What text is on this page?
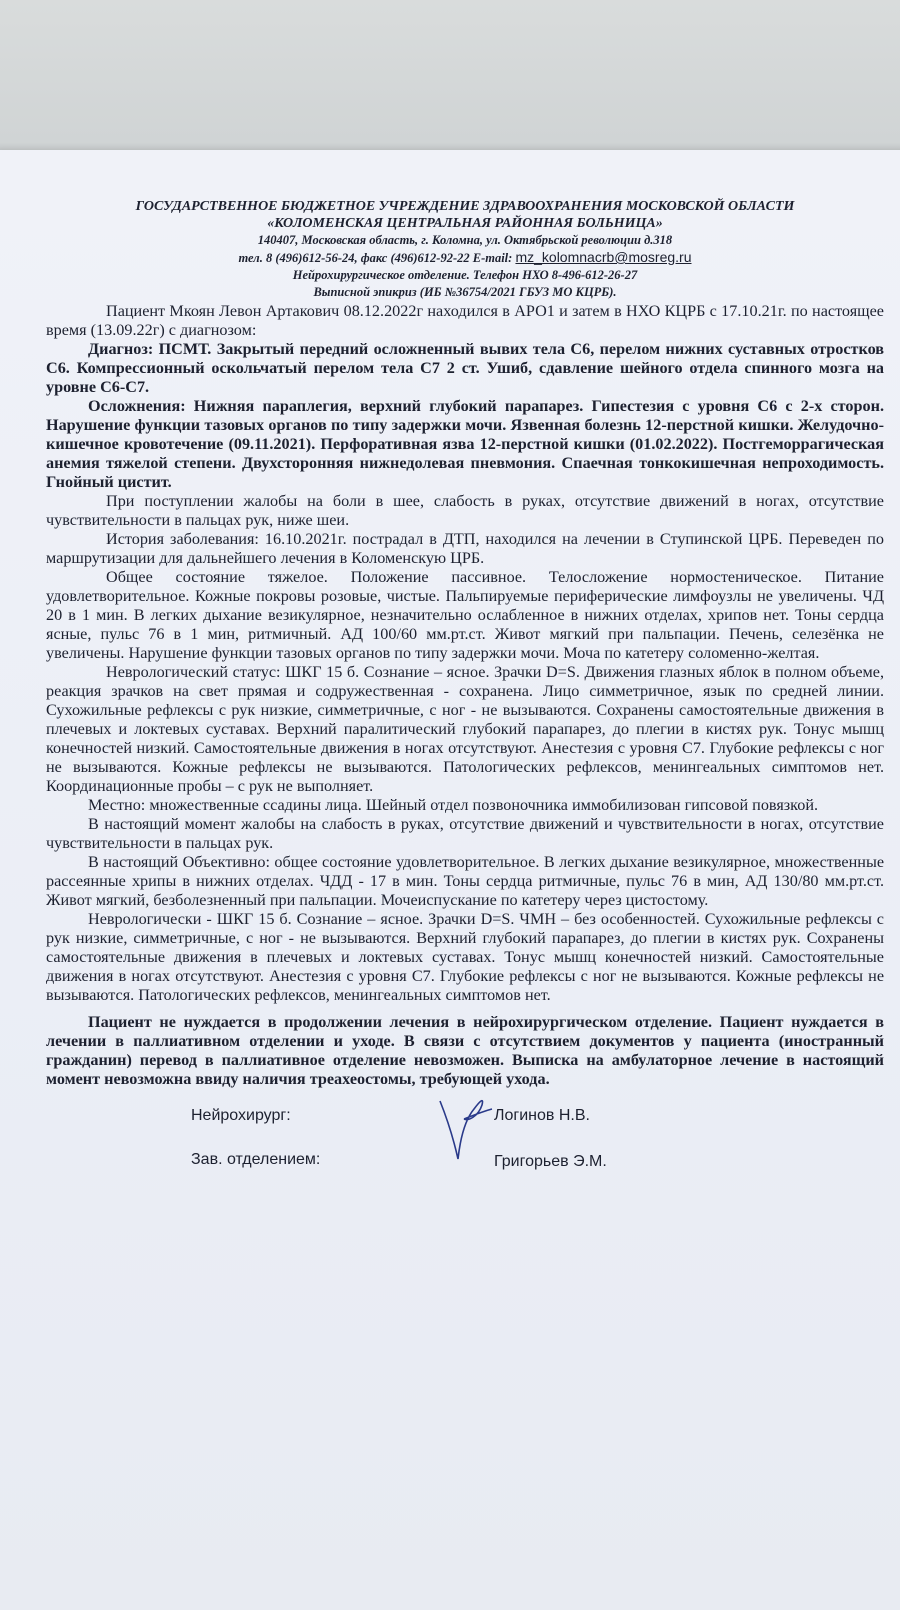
ГОСУДАРСТВЕННОЕ БЮДЖЕТНОЕ УЧРЕЖДЕНИЕ ЗДРАВООХРАНЕНИЯ МОСКОВСКОЙ ОБЛАСТИ
«КОЛОМЕНСКАЯ ЦЕНТРАЛЬНАЯ РАЙОННАЯ БОЛЬНИЦА»
140407, Московская область, г. Коломна, ул. Октябрьской революции д.318
тел. 8 (496)612-56-24, факс (496)612-92-22 E-mail: mz_kolomnacrb@mosreg.ru
Нейрохирургическое отделение. Телефон НХО 8-496-612-26-27
Выписной эпикриз (ИБ №36754/2021 ГБУЗ МО КЦРБ).

Пациент Мкоян Левон Артакович 08.12.2022г находился в АРО1 и затем в НХО КЦРБ с 17.10.21г. по настоящее время (13.09.22г) с диагнозом:

Диагноз: ПСМТ. Закрытый передний осложненный вывих тела С6, перелом нижних суставных отростков С6. Компрессионный оскольчатый перелом тела С7 2 ст. Ушиб, сдавление шейного отдела спинного мозга на уровне С6-С7.

Осложнения: Нижняя параплегия, верхний глубокий парапарез. Гипестезия с уровня С6 с 2-х сторон. Нарушение функции тазовых органов по типу задержки мочи. Язвенная болезнь 12-перстной кишки. Желудочно-кишечное кровотечение (09.11.2021). Перфоративная язва 12-перстной кишки (01.02.2022). Постгеморрагическая анемия тяжелой степени. Двухсторонняя нижнедолевая пневмония. Спаечная тонкокишечная непроходимость. Гнойный цистит.

При поступлении жалобы на боли в шее, слабость в руках, отсутствие движений в ногах, отсутствие чувствительности в пальцах рук, ниже шеи.

История заболевания: 16.10.2021г. пострадал в ДТП, находился на лечении в Ступинской ЦРБ. Переведен по маршрутизации для дальнейшего лечения в Коломенскую ЦРБ.

Общее состояние тяжелое. Положение пассивное. Телосложение нормостеническое. Питание удовлетворительное. Кожные покровы розовые, чистые. Пальпируемые периферические лимфоузлы не увеличены. ЧД 20 в 1 мин. В легких дыхание везикулярное, незначительно ослабленное в нижних отделах, хрипов нет. Тоны сердца ясные, пульс 76 в 1 мин, ритмичный. АД 100/60 мм.рт.ст. Живот мягкий при пальпации. Печень, селезёнка не увеличены. Нарушение функции тазовых органов по типу задержки мочи. Моча по катетеру соломенно-желтая.

Неврологический статус: ШКГ 15 б. Сознание – ясное. Зрачки D=S. Движения глазных яблок в полном объеме, реакция зрачков на свет прямая и содружественная - сохранена. Лицо симметричное, язык по средней линии. Сухожильные рефлексы с рук низкие, симметричные, с ног - не вызываются. Сохранены самостоятельные движения в плечевых и локтевых суставах. Верхний паралитический глубокий парапарез, до плегии в кистях рук. Тонус мышц конечностей низкий. Самостоятельные движения в ногах отсутствуют. Анестезия с уровня С7. Глубокие рефлексы с ног не вызываются. Кожные рефлексы не вызываются. Патологических рефлексов, менингеальных симптомов нет. Координационные пробы – с рук не выполняет.

Местно: множественные ссадины лица. Шейный отдел позвоночника иммобилизован гипсовой повязкой.

В настоящий момент жалобы на слабость в руках, отсутствие движений и чувствительности в ногах, отсутствие чувствительности в пальцах рук.

В настоящий Объективно: общее состояние удовлетворительное. В легких дыхание везикулярное, множественные рассеянные хрипы в нижних отделах. ЧДД - 17 в мин. Тоны сердца ритмичные, пульс 76 в мин, АД 130/80 мм.рт.ст. Живот мягкий, безболезненный при пальпации. Мочеиспускание по катетеру через цистостому.

Неврологически - ШКГ 15 б. Сознание – ясное. Зрачки D=S. ЧМН – без особенностей. Сухожильные рефлексы с рук низкие, симметричные, с ног - не вызываются. Верхний глубокий парапарез, до плегии в кистях рук. Сохранены самостоятельные движения в плечевых и локтевых суставах. Тонус мышц конечностей низкий. Самостоятельные движения в ногах отсутствуют. Анестезия с уровня С7. Глубокие рефлексы с ног не вызываются. Кожные рефлексы не вызываются. Патологических рефлексов, менингеальных симптомов нет.

Пациент не нуждается в продолжении лечения в нейрохирургическом отделение. Пациент нуждается в лечении в паллиативном отделении и уходе. В связи с отсутствием документов у пациента (иностранный гражданин) перевод в паллиативное отделение невозможен. Выписка на амбулаторное лечение в настоящий момент невозможна ввиду наличия треахеостомы, требующей ухода.

Нейрохирург:	Логинов Н.В.
Зав. отделением:	Григорьев Э.М.
